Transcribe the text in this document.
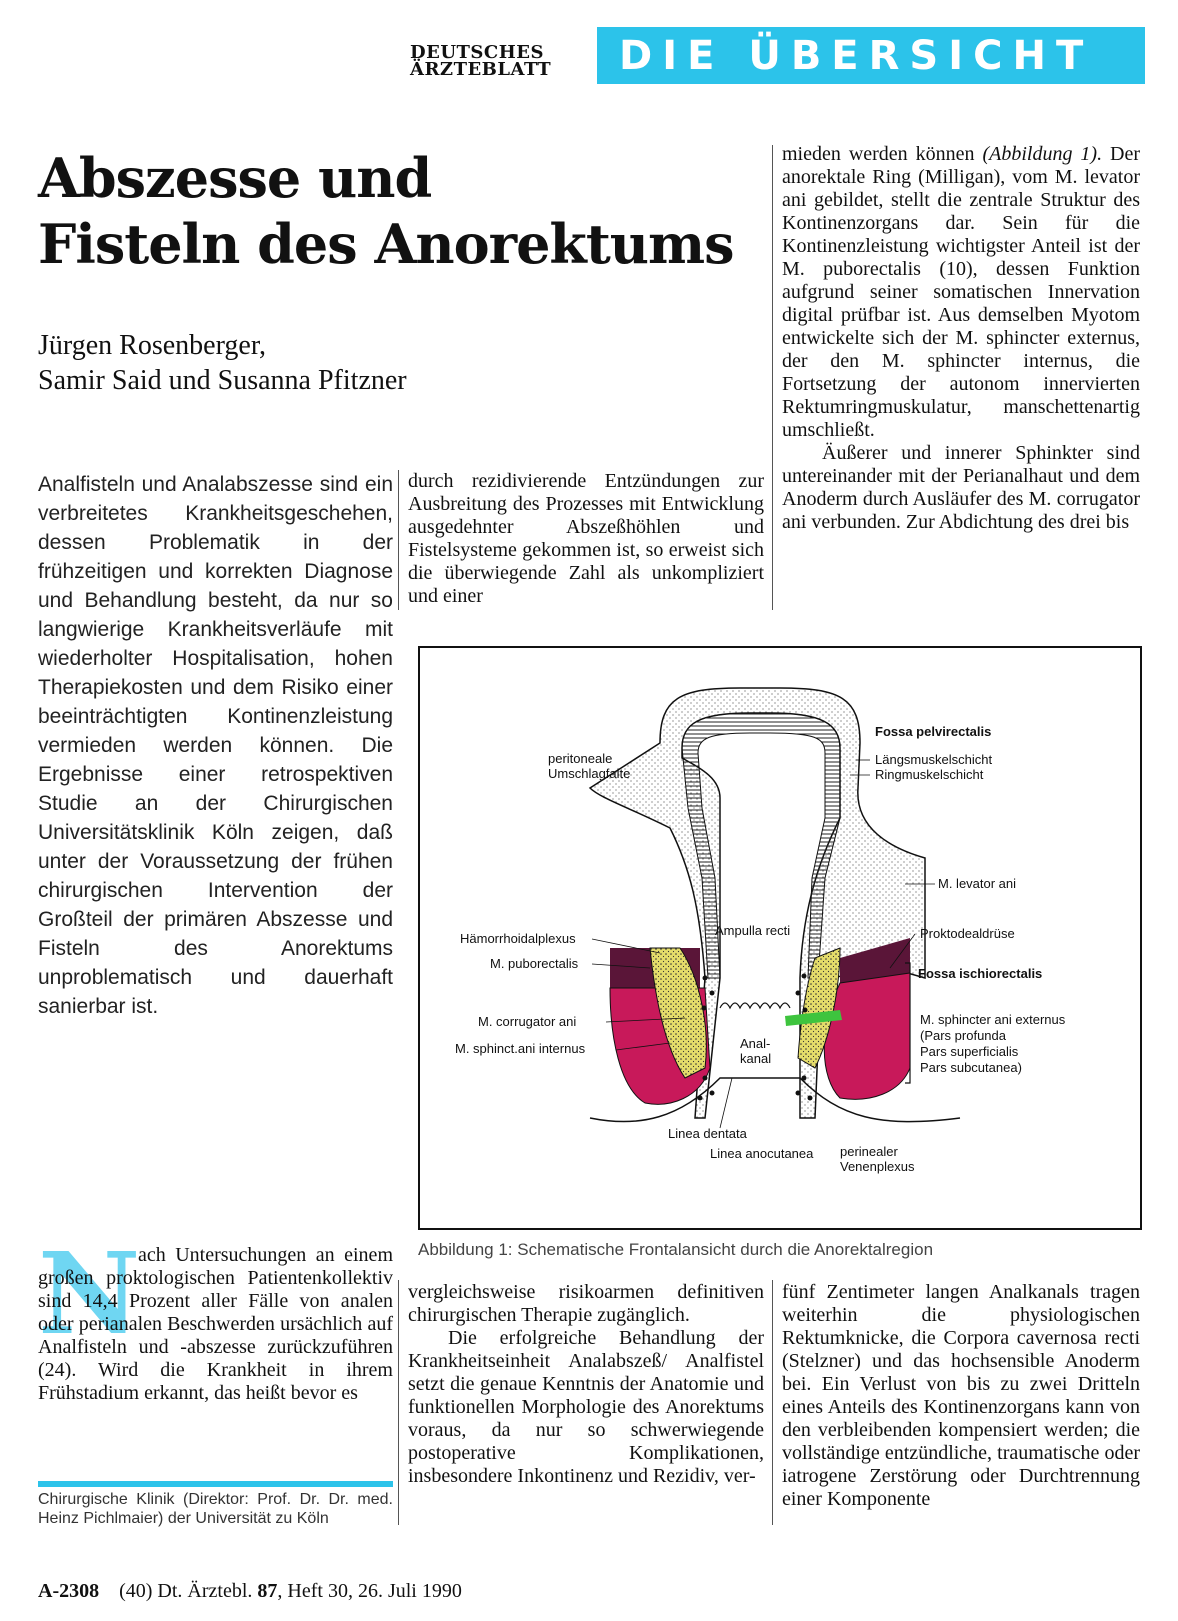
DEUTSCHES
ÄRZTEBLATT	DIE ÜBERSICHT
Abszesse und
Fisteln des Anorektums
Jürgen Rosenberger,
Samir Said und Susanna Pfitzner

Analfisteln und Analabszesse sind ein verbreitetes Krankheitsgeschehen, dessen Problematik in der frühzeitigen und korrekten Diagnose und Behandlung besteht, da nur so langwierige Krankheitsverläufe mit wiederholter Hospitalisation, hohen Therapiekosten und dem Risiko einer beeinträchtigten Kontinenzleistung vermieden werden können. Die Ergebnisse einer retrospektiven Studie an der Chirurgischen Universitätsklinik Köln zeigen, daß unter der Voraussetzung der frühen chirurgischen Intervention der Großteil der primären Abszesse und Fisteln des Anorektums unproblematisch und dauerhaft sanierbar ist.

durch rezidivierende Entzündungen zur Ausbreitung des Prozesses mit Entwicklung ausgedehnter Abszeßhöhlen und Fistelsysteme gekommen ist, so erweist sich die überwiegende Zahl als unkompliziert und einer

mieden werden können (Abbildung 1). Der anorektale Ring (Milligan), vom M. levator ani gebildet, stellt die zentrale Struktur des Kontinenzorgans dar. Sein für die Kontinenzleistung wichtigster Anteil ist der M. puborectalis (10), dessen Funktion aufgrund seiner somatischen Innervation digital prüfbar ist. Aus demselben Myotom entwickelte sich der M. sphincter externus, der den M. sphincter internus, die Fortsetzung der autonom innervierten Rektumringmuskulatur, manschettenartig umschließt.
Äußerer und innerer Sphinkter sind untereinander mit der Perianalhaut und dem Anoderm durch Ausläufer des M. corrugator ani verbunden. Zur Abdichtung des drei bis
Fossa pelvirectalis
Längsmuskelschicht
Ringmuskelschicht
peritoneale
Umschlagfalte
M. levator ani
Ampulla recti
Hämorrhoidalplexus
M. puborectalis
Proktodealdrüse
Fossa ischiorectalis
M. corrugator ani
M. sphinct.ani internus	Anal-
kanal
M. sphincter ani externus
(Pars profunda
Pars superficialis
Pars subcutanea)
Linea dentata
Linea anocutanea perinealer
Venenplexus

Abbildung 1: Schematische Frontalansicht durch die Anorektalregion

N

ach Untersuchungen an einem großen proktologischen Patientenkollektiv sind 14,4 Prozent aller Fälle von analen oder perianalen Beschwerden ursächlich auf Analfisteln und -abszesse zurückzuführen (24). Wird die Krankheit in ihrem Frühstadium erkannt, das heißt bevor es

vergleichsweise risikoarmen definitiven chirurgischen Therapie zugänglich.
Die erfolgreiche Behandlung der Krankheitseinheit Analabszeß/ Analfistel setzt die genaue Kenntnis der Anatomie und funktionellen Morphologie des Anorektums voraus, da nur so schwerwiegende postoperative Komplikationen, insbesondere Inkontinenz und Rezidiv, ver-

fünf Zentimeter langen Analkanals tragen weiterhin die physiologischen Rektumknicke, die Corpora cavernosa recti (Stelzner) und das hochsensible Anoderm bei. Ein Verlust von bis zu zwei Dritteln eines Anteils des Kontinenzorgans kann von den verbleibenden kompensiert werden; die vollständige entzündliche, traumatische oder iatrogene Zerstörung oder Durchtrennung einer Komponente

Chirurgische Klinik (Direktor: Prof. Dr. Dr. med. Heinz Pichlmaier) der Universität zu Köln

A-2308 (40) Dt. Ärztebl. 87, Heft 30, 26. Juli 1990
